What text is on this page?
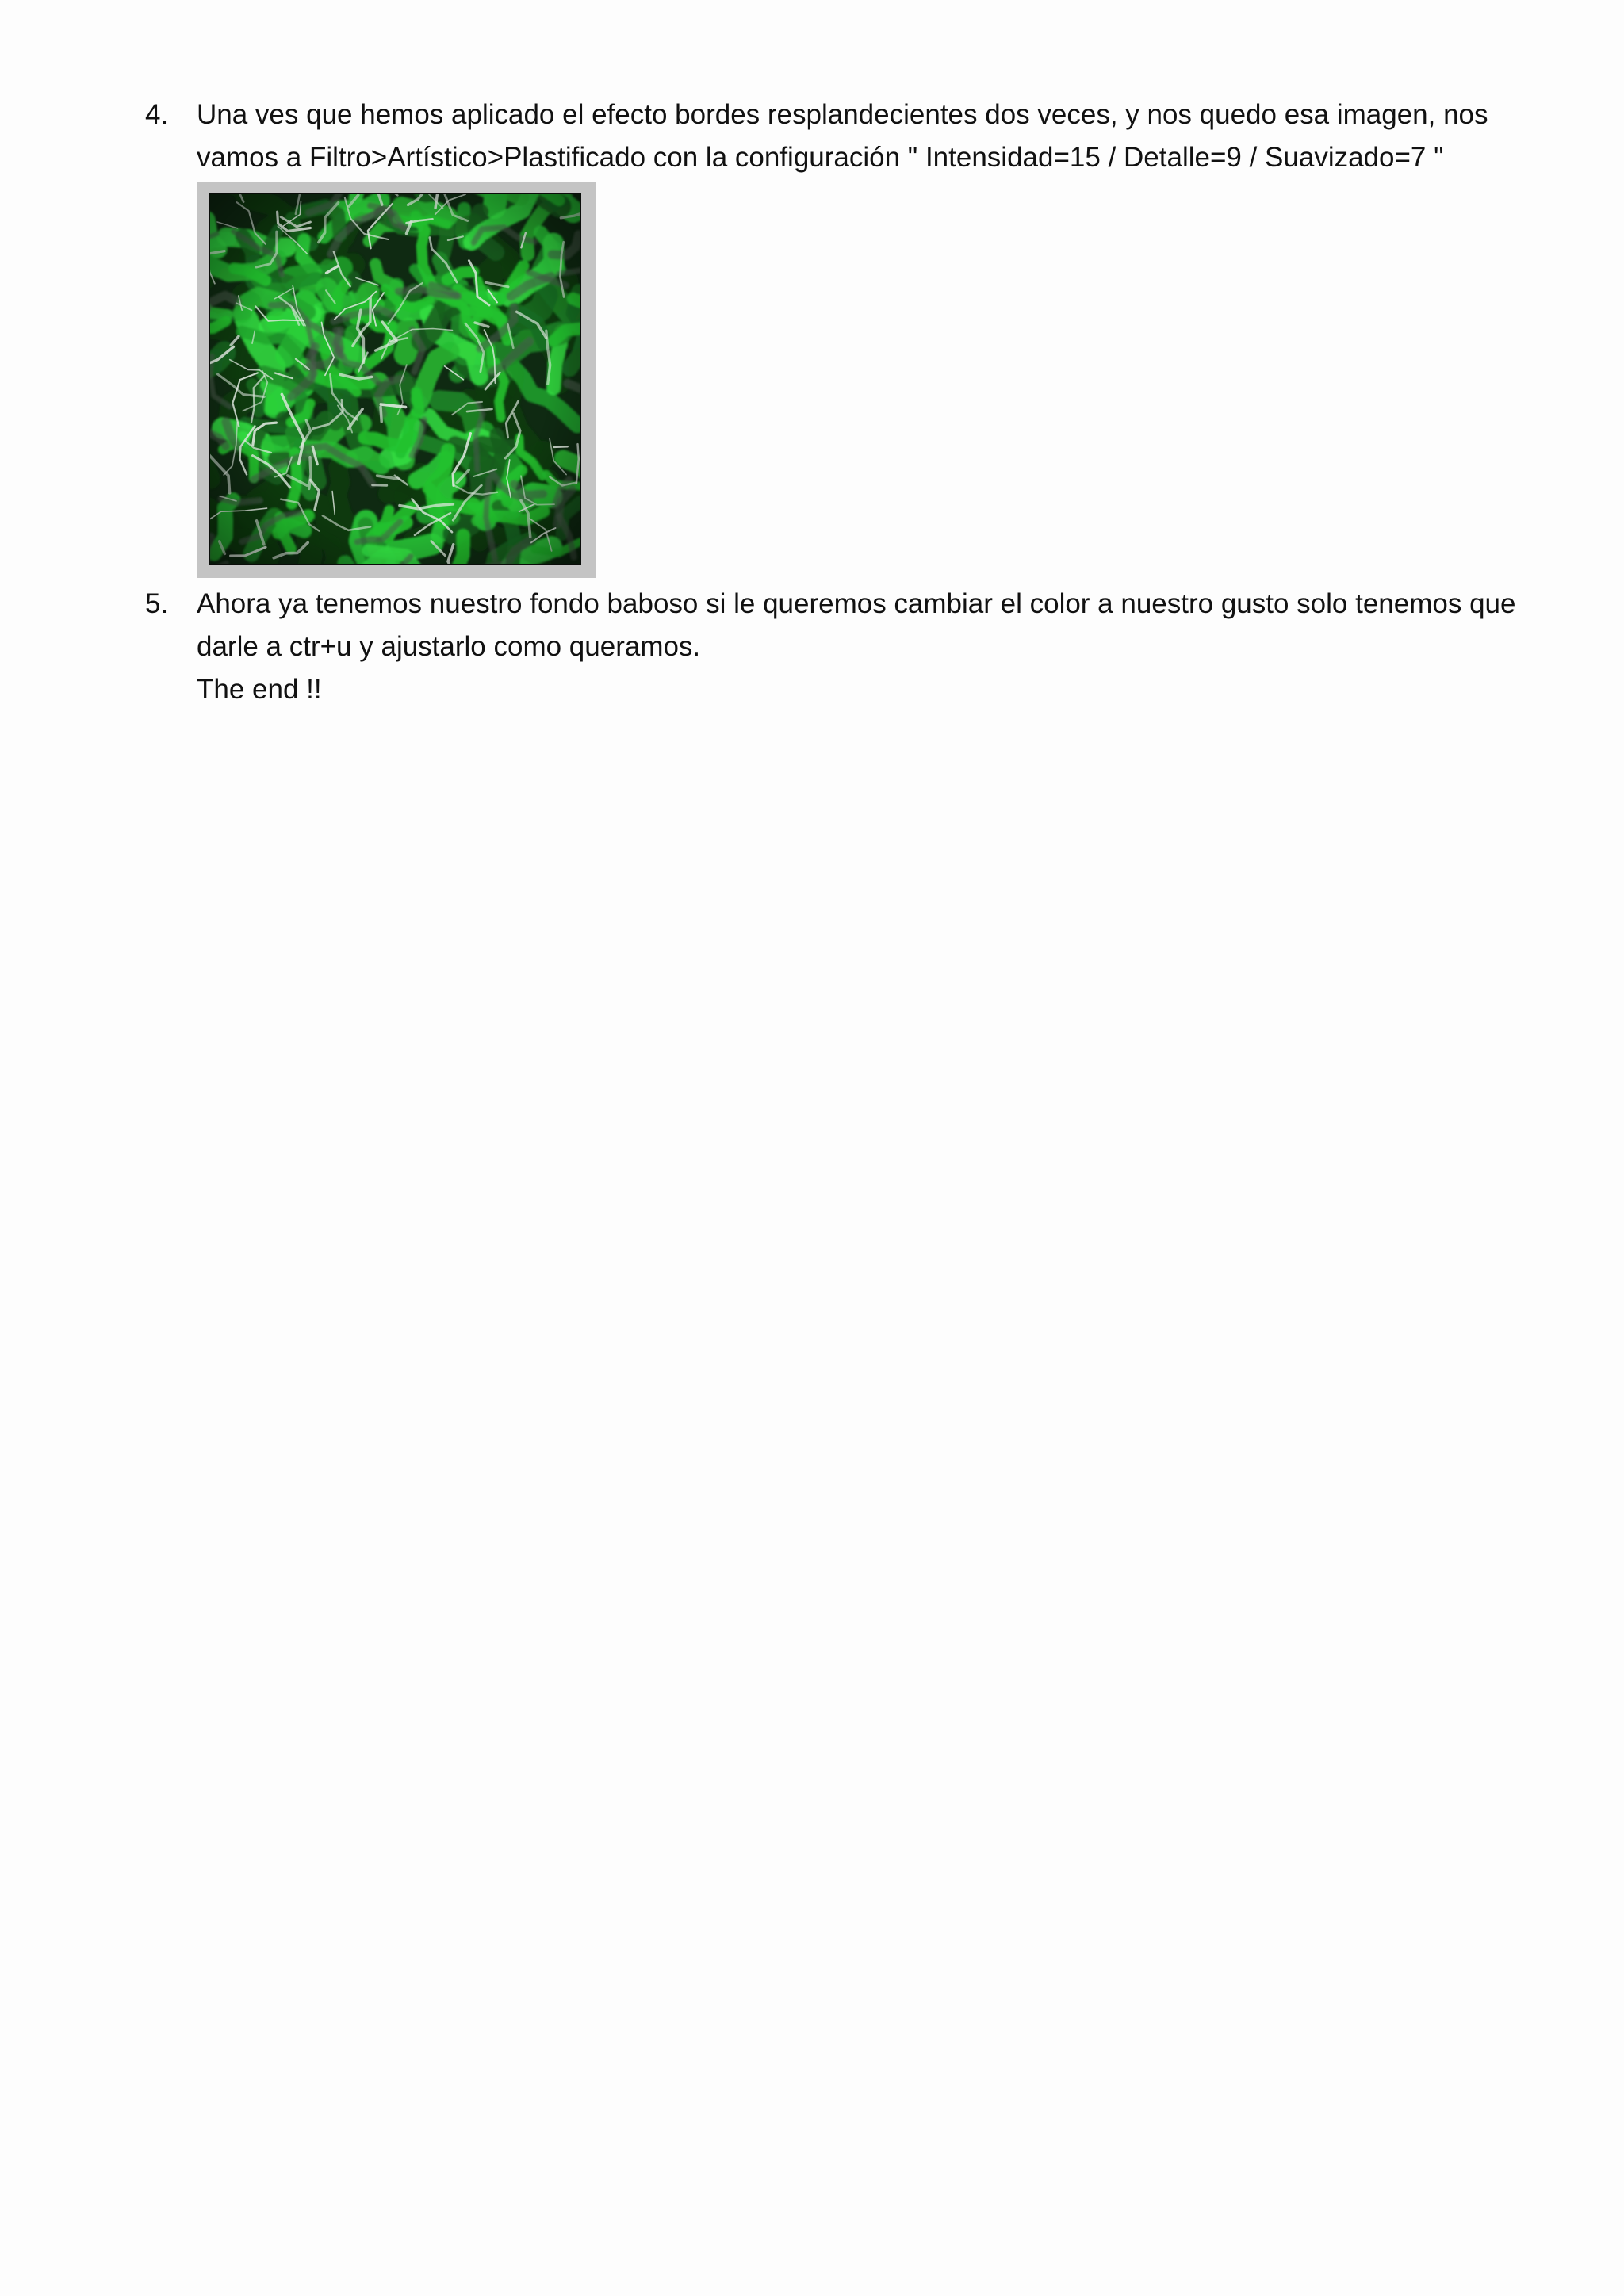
4.	Una ves que hemos aplicado el efecto bordes resplandecientes dos veces, y nos quedo esa imagen, nos
vamos a Filtro>Artístico>Plastificado con la configuración " Intensidad=15 / Detalle=9 / Suavizado=7 "
5.	Ahora ya tenemos nuestro fondo baboso si le queremos cambiar el color a nuestro gusto solo tenemos que
darle a ctr+u y ajustarlo como queramos.
The end !!
